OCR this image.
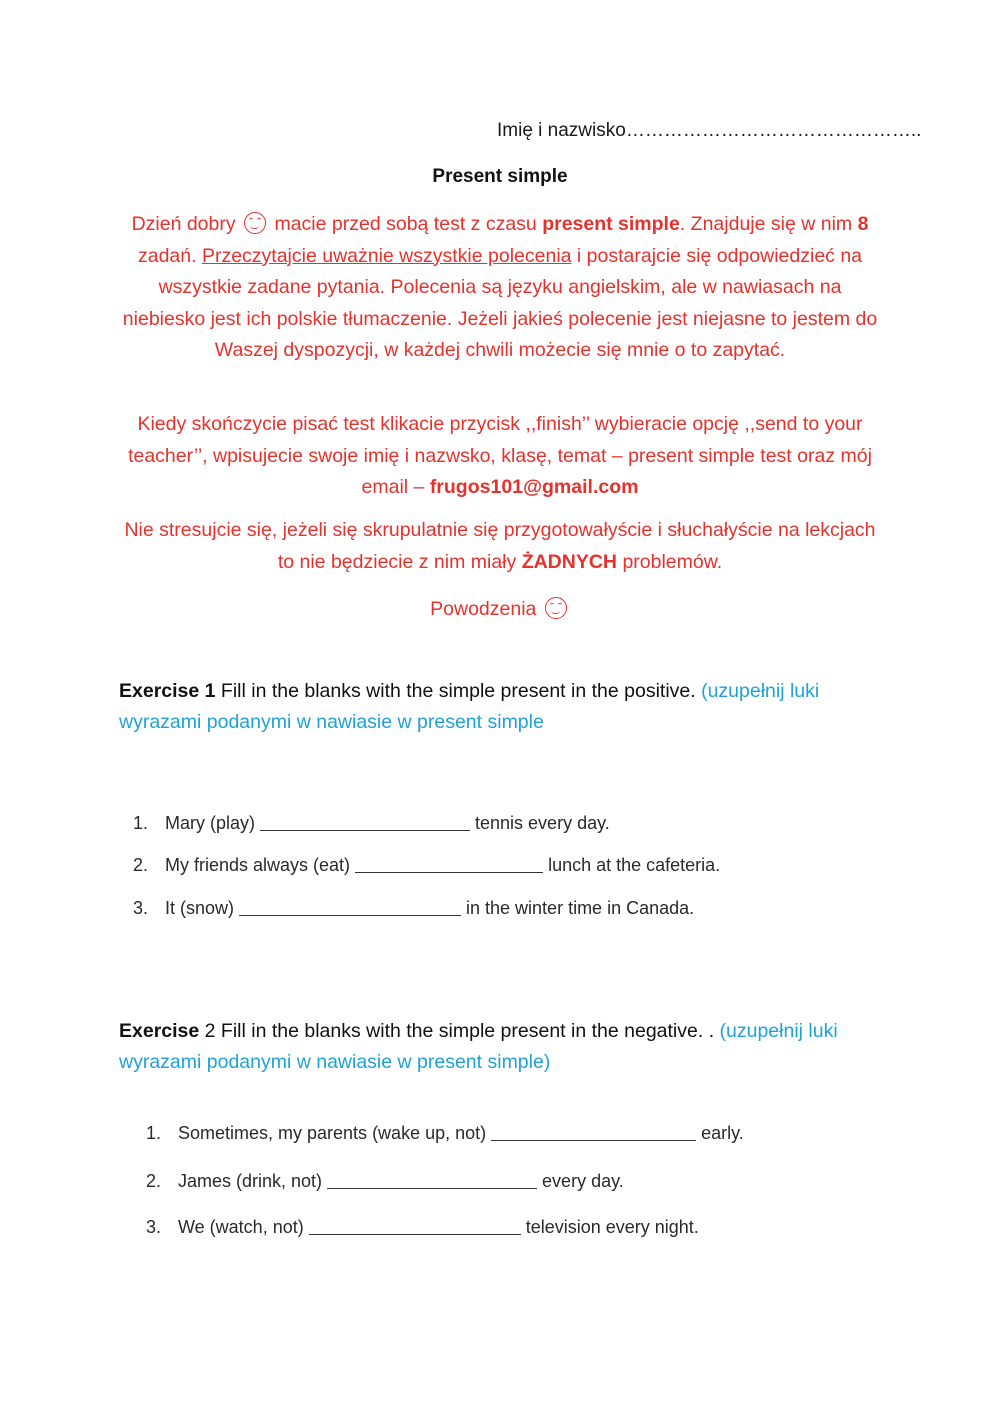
Imię i nazwisko………………………………………..
Present simple
Dzień dobry
macie przed sobą test z czasu present simple. Znajduje się w nim 8 zadań. Przeczytajcie uważnie wszystkie polecenia i postarajcie się odpowiedzieć na wszystkie zadane pytania. Polecenia są języku angielskim, ale w nawiasach na niebiesko jest ich polskie tłumaczenie. Jeżeli jakieś polecenie jest niejasne to jestem do Waszej dyspozycji, w każdej chwili możecie się mnie o to zapytać.
Kiedy skończycie pisać test klikacie przycisk ,,finish’’ wybieracie opcję ,,send to your teacher’’, wpisujecie swoje imię i nazwsko, klasę, temat – present simple test oraz mój email – frugos101@gmail.com
Nie stresujcie się, jeżeli się skrupulatnie się przygotowałyście i słuchałyście na lekcjach to nie będziecie z nim miały ŻADNYCH problemów.
Powodzenia
Exercise 1 Fill in the blanks with the simple present in the positive. (uzupełnij luki wyrazami podanymi w nawiasie w present simple
1. Mary (play)	tennis every day.
2. My friends always (eat)	lunch at the cafeteria.
3. It (snow)	in the winter time in Canada.
Exercise 2 Fill in the blanks with the simple present in the negative. . (uzupełnij luki wyrazami podanymi w nawiasie w present simple)
1. Sometimes, my parents (wake up, not)	early.
2. James (drink, not)	every day.
3. We (watch, not)	television every night.
